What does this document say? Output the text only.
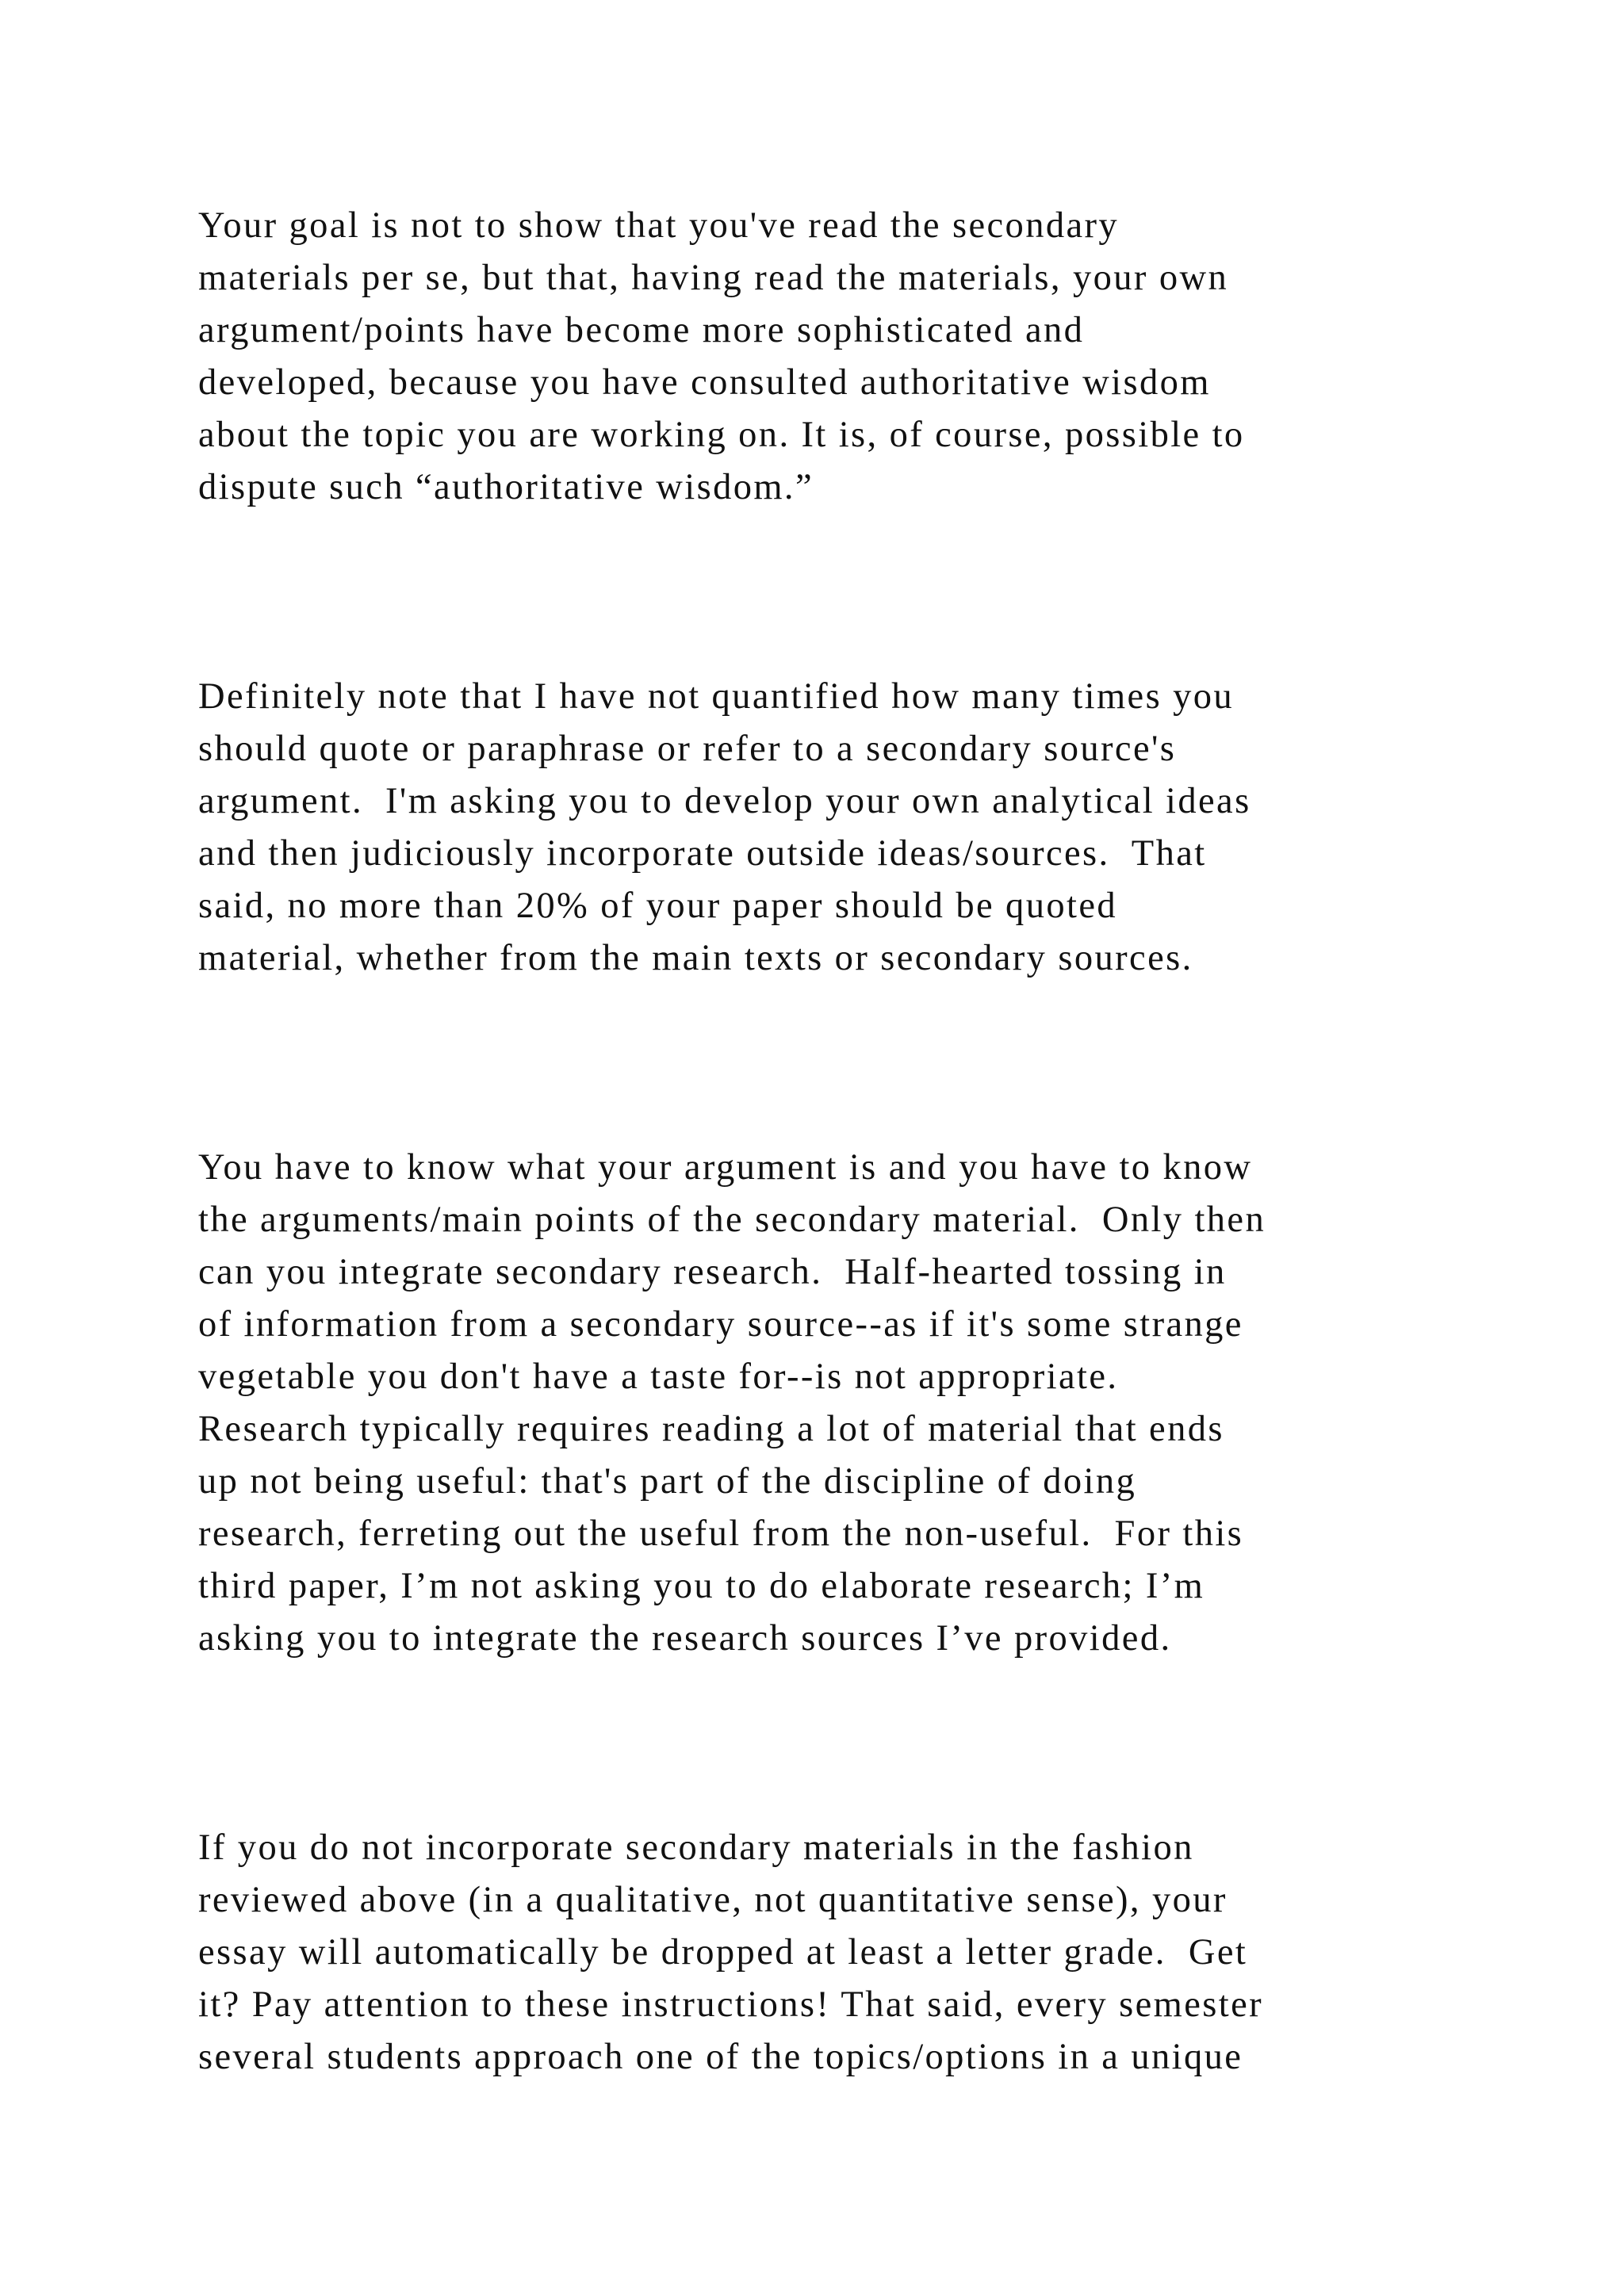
Your goal is not to show that you've read the secondary

materials per se, but that, having read the materials, your own

argument/points have become more sophisticated and

developed, because you have consulted authoritative wisdom

about the topic you are working on. It is, of course, possible to

dispute such “authoritative wisdom.”

Definitely note that I have not quantified how many times you

should quote or paraphrase or refer to a secondary source's

argument.  I'm asking you to develop your own analytical ideas

and then judiciously incorporate outside ideas/sources.  That

said, no more than 20% of your paper should be quoted

material, whether from the main texts or secondary sources.

You have to know what your argument is and you have to know

the arguments/main points of the secondary material.  Only then

can you integrate secondary research.  Half-hearted tossing in

of information from a secondary source--as if it's some strange

vegetable you don't have a taste for--is not appropriate.

Research typically requires reading a lot of material that ends

up not being useful: that's part of the discipline of doing

research, ferreting out the useful from the non-useful.  For this

third paper, I’m not asking you to do elaborate research; I’m

asking you to integrate the research sources I’ve provided.

If you do not incorporate secondary materials in the fashion

reviewed above (in a qualitative, not quantitative sense), your

essay will automatically be dropped at least a letter grade.  Get

it? Pay attention to these instructions! That said, every semester

several students approach one of the topics/options in a unique
